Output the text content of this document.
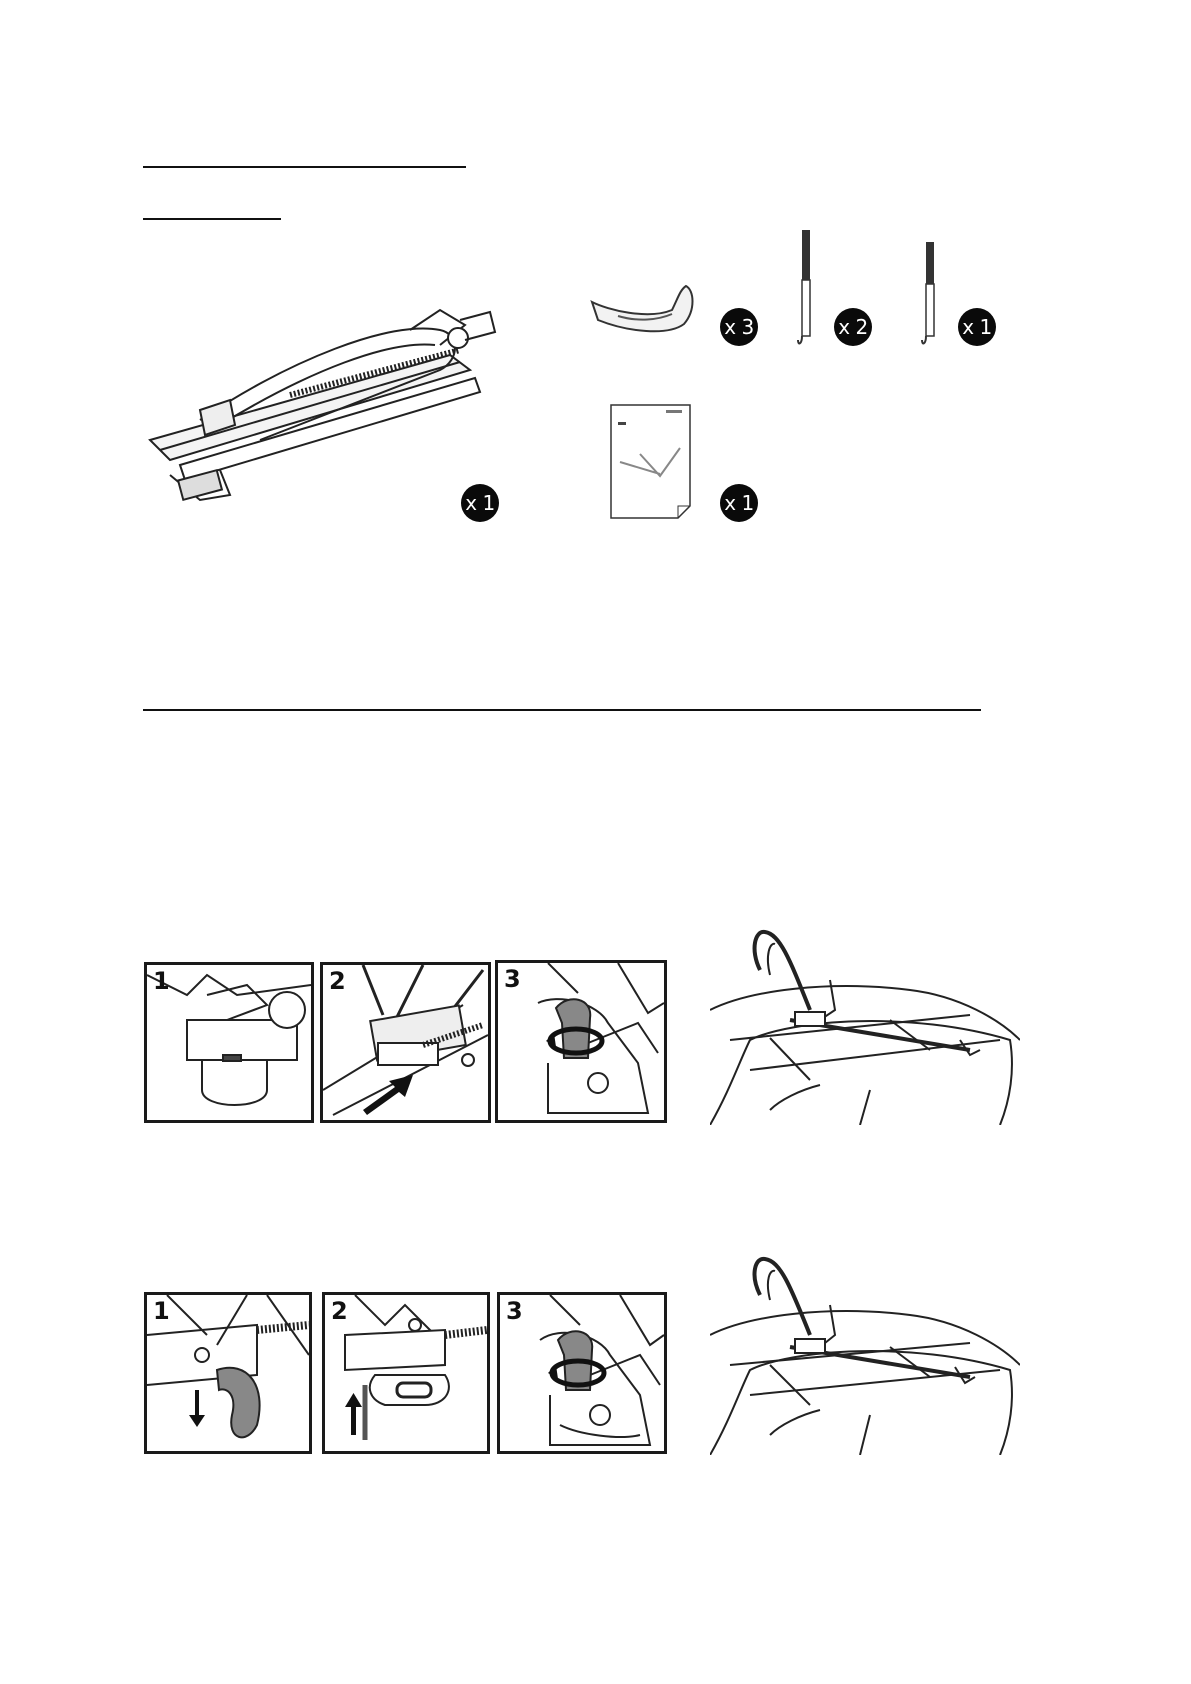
x 1
x 3	x 2	x 1
x 1
1	2	3
1	2	3
